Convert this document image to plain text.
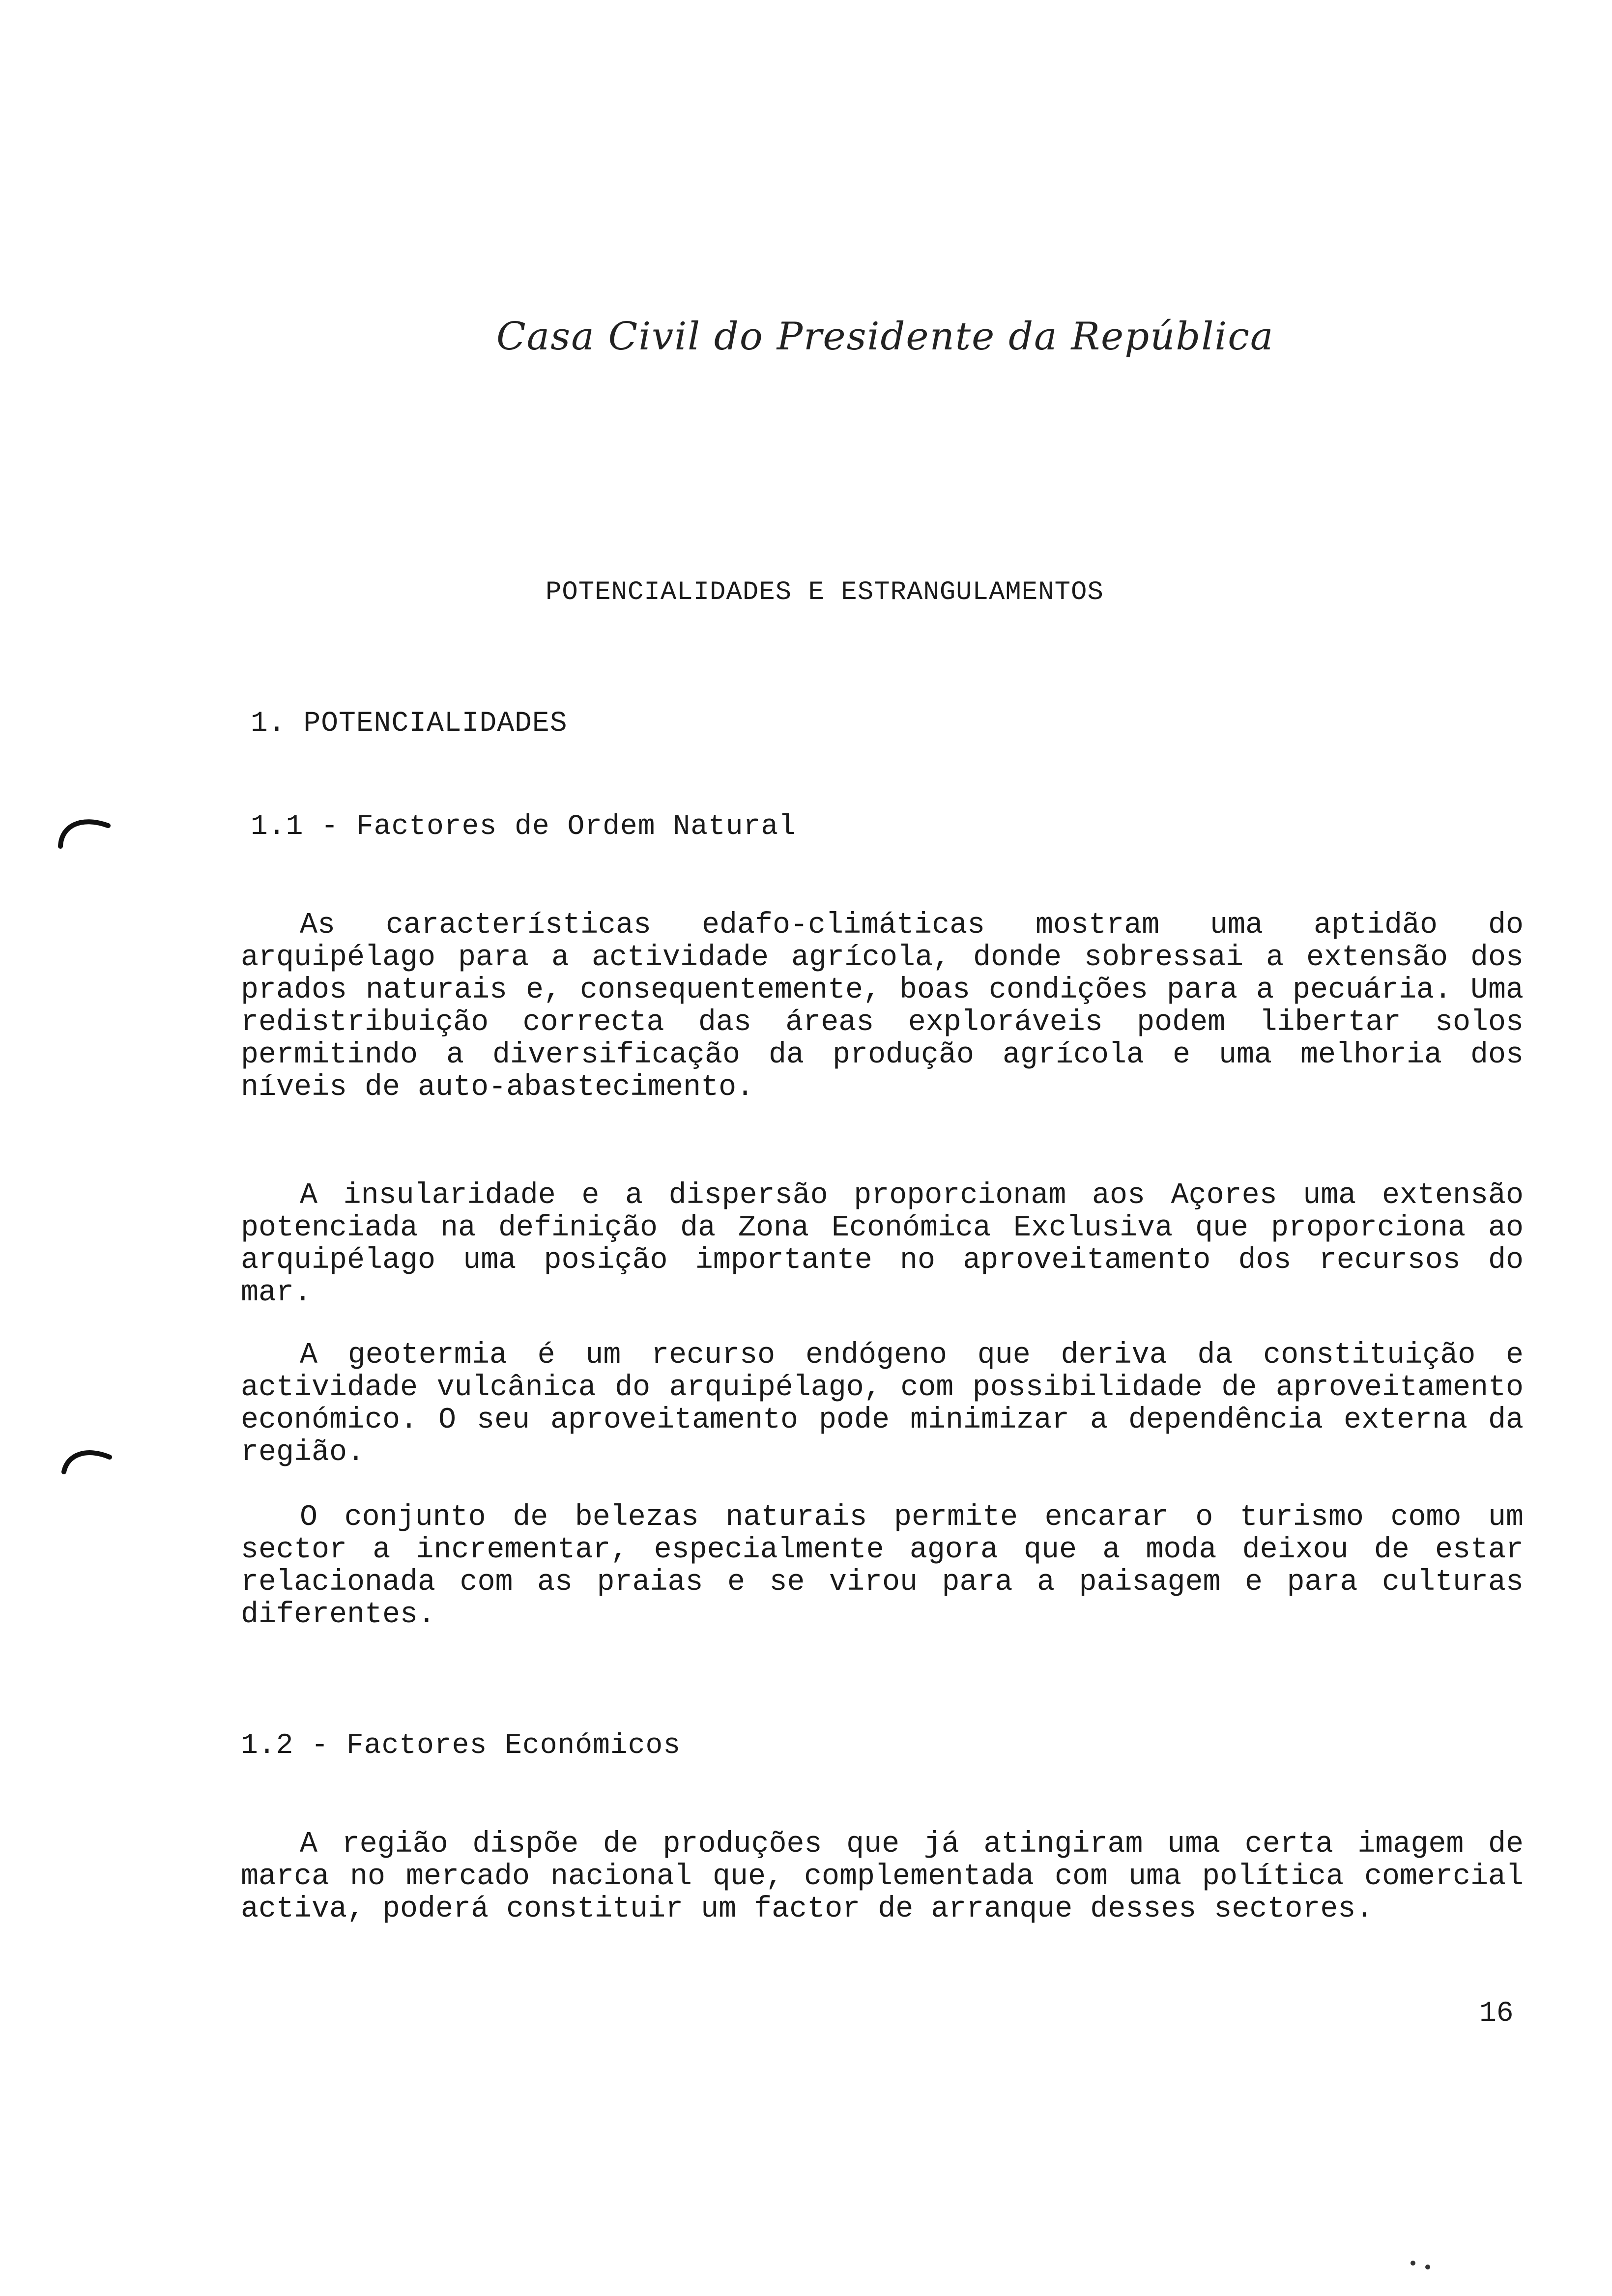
Casa Civil do Presidente da República
POTENCIALIDADES E ESTRANGULAMENTOS
1. POTENCIALIDADES
1.1 - Factores de Ordem Natural

As características edafo-climáticas mostram uma aptidão do arquipélago para a actividade agrícola, donde sobressai a extensão dos prados naturais e, consequentemente, boas condições para a pecuária. Uma redistribuição correcta das áreas exploráveis podem libertar solos permitindo a diversificação da produção agrícola e uma melhoria dos níveis de auto-abastecimento.

A insularidade e a dispersão proporcionam aos Açores uma extensão potenciada na definição da Zona Económica Exclusiva que proporciona ao arquipélago uma posição importante no aproveitamento dos recursos do mar.

A geotermia é um recurso endógeno que deriva da constituição e actividade vulcânica do arquipélago, com possibilidade de aproveitamento económico. O seu aproveitamento pode minimizar a dependência externa da região.

O conjunto de belezas naturais permite encarar o turismo como um sector a incrementar, especialmente agora que a moda deixou de estar relacionada com as praias e se virou para a paisagem e para culturas diferentes.

1.2 - Factores Económicos

A região dispõe de produções que já atingiram uma certa imagem de marca no mercado nacional que, complementada com uma política comercial activa, poderá constituir um factor de arranque desses sectores.

16
